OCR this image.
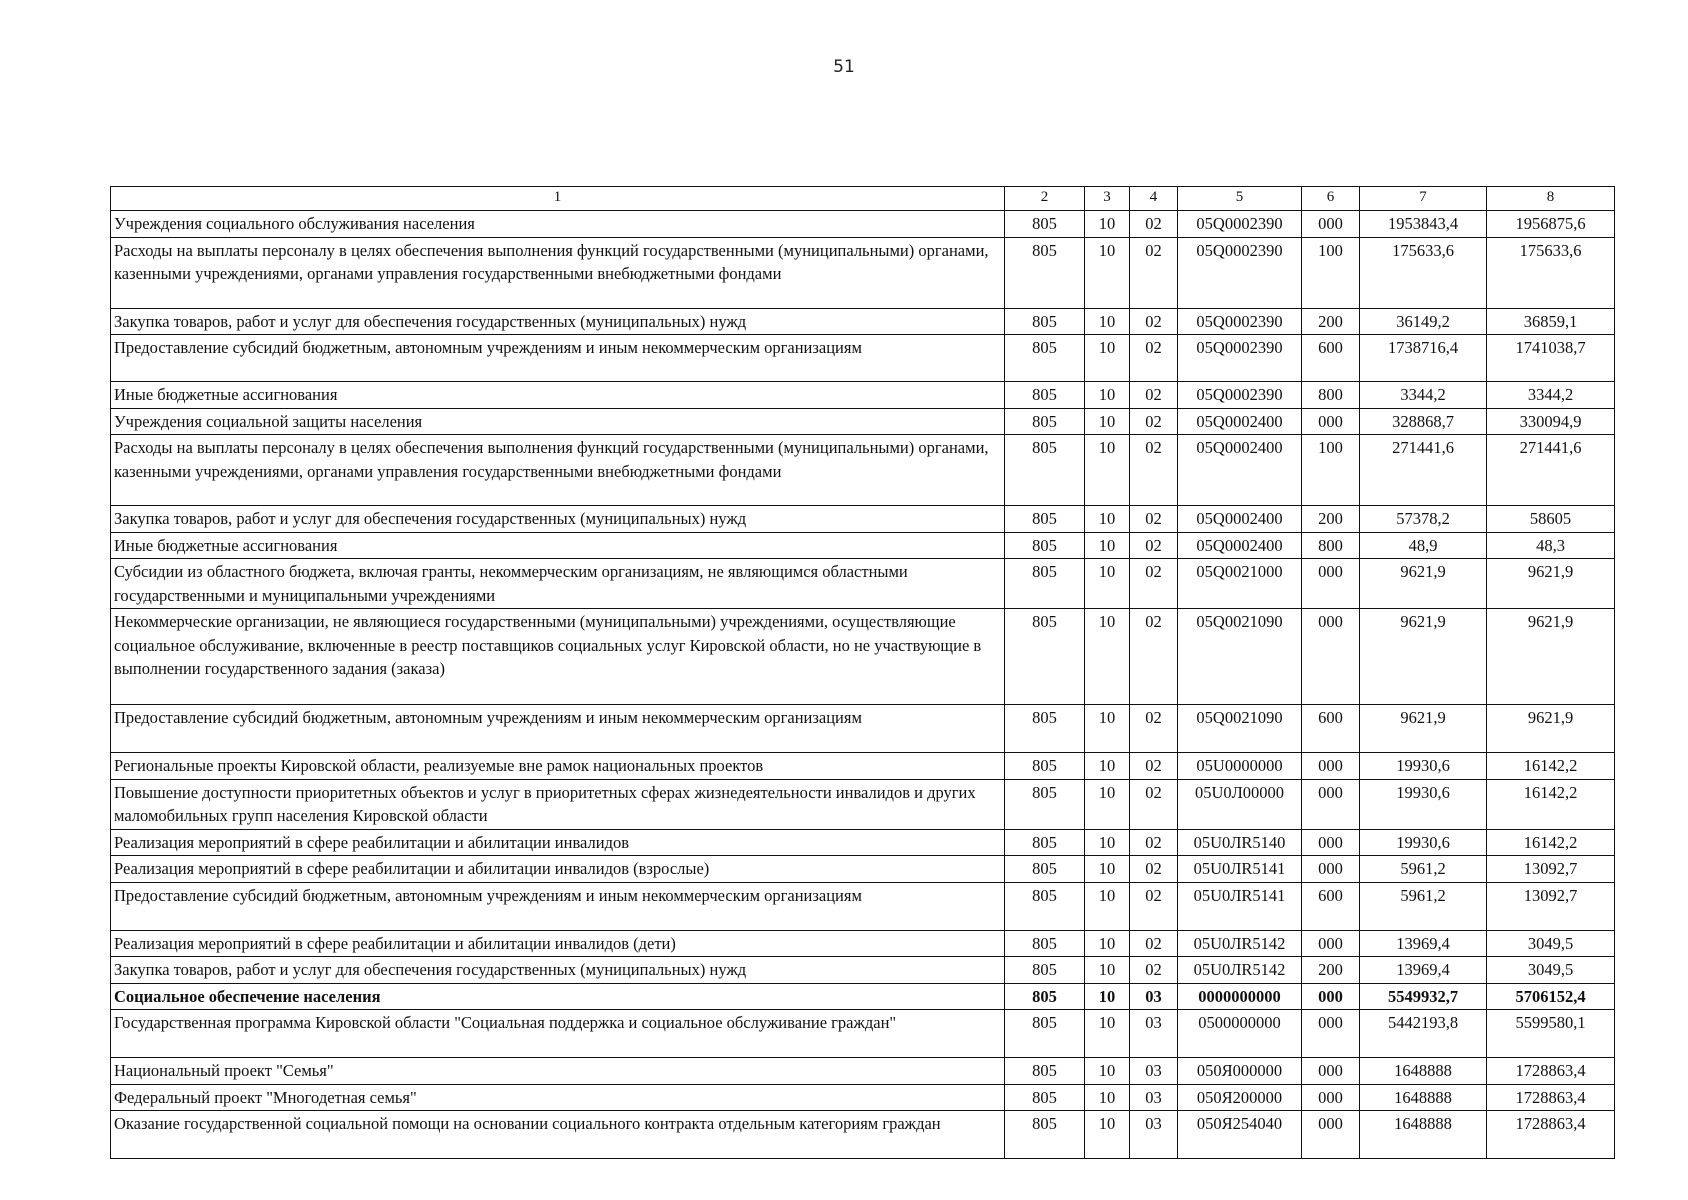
51
1	2	3	4	5	6	7	8
Учреждения социального обслуживания населения	805	10	02	05Q0002390	000	1953843,4	1956875,6
Расходы на выплаты персоналу в целях обеспечения выполнения функций государственными (муниципальными) органами, казенными учреждениями, органами управления государственными внебюджетными фондами	805	10	02	05Q0002390	100	175633,6	175633,6
Закупка товаров, работ и услуг для обеспечения государственных (муниципальных) нужд	805	10	02	05Q0002390	200	36149,2	36859,1
Предоставление субсидий бюджетным, автономным учреждениям и иным некоммерческим организациям	805	10	02	05Q0002390	600	1738716,4	1741038,7
Иные бюджетные ассигнования	805	10	02	05Q0002390	800	3344,2	3344,2
Учреждения социальной защиты населения	805	10	02	05Q0002400	000	328868,7	330094,9
Расходы на выплаты персоналу в целях обеспечения выполнения функций государственными (муниципальными) органами, казенными учреждениями, органами управления государственными внебюджетными фондами	805	10	02	05Q0002400	100	271441,6	271441,6
Закупка товаров, работ и услуг для обеспечения государственных (муниципальных) нужд	805	10	02	05Q0002400	200	57378,2	58605
Иные бюджетные ассигнования	805	10	02	05Q0002400	800	48,9	48,3
Субсидии из областного бюджета, включая гранты, некоммерческим организациям, не являющимся областными государственными и муниципальными учреждениями	805	10	02	05Q0021000	000	9621,9	9621,9
Некоммерческие организации, не являющиеся государственными (муниципальными) учреждениями, осуществляющие социальное обслуживание, включенные в реестр поставщиков социальных услуг Кировской области, но не участвующие в выполнении государственного задания (заказа)	805	10	02	05Q0021090	000	9621,9	9621,9
Предоставление субсидий бюджетным, автономным учреждениям и иным некоммерческим организациям	805	10	02	05Q0021090	600	9621,9	9621,9
Региональные проекты Кировской области, реализуемые вне рамок национальных проектов	805	10	02	05U0000000	000	19930,6	16142,2
Повышение доступности приоритетных объектов и услуг в приоритетных сферах жизнедеятельности инвалидов и других маломобильных групп населения Кировской области	805	10	02	05U0Л00000	000	19930,6	16142,2
Реализация мероприятий в сфере реабилитации и абилитации инвалидов	805	10	02	05U0ЛR5140	000	19930,6	16142,2
Реализация мероприятий в сфере реабилитации и абилитации инвалидов (взрослые)	805	10	02	05U0ЛR5141	000	5961,2	13092,7
Предоставление субсидий бюджетным, автономным учреждениям и иным некоммерческим организациям	805	10	02	05U0ЛR5141	600	5961,2	13092,7
Реализация мероприятий в сфере реабилитации и абилитации инвалидов (дети)	805	10	02	05U0ЛR5142	000	13969,4	3049,5
Закупка товаров, работ и услуг для обеспечения государственных (муниципальных) нужд	805	10	02	05U0ЛR5142	200	13969,4	3049,5
Социальное обеспечение населения	805	10	03	0000000000	000	5549932,7	5706152,4
Государственная программа Кировской области "Социальная поддержка и социальное обслуживание граждан"	805	10	03	0500000000	000	5442193,8	5599580,1
Национальный проект "Семья"	805	10	03	050Я000000	000	1648888	1728863,4
Федеральный проект "Многодетная семья"	805	10	03	050Я200000	000	1648888	1728863,4
Оказание государственной социальной помощи на основании социального контракта отдельным категориям граждан	805	10	03	050Я254040	000	1648888	1728863,4
